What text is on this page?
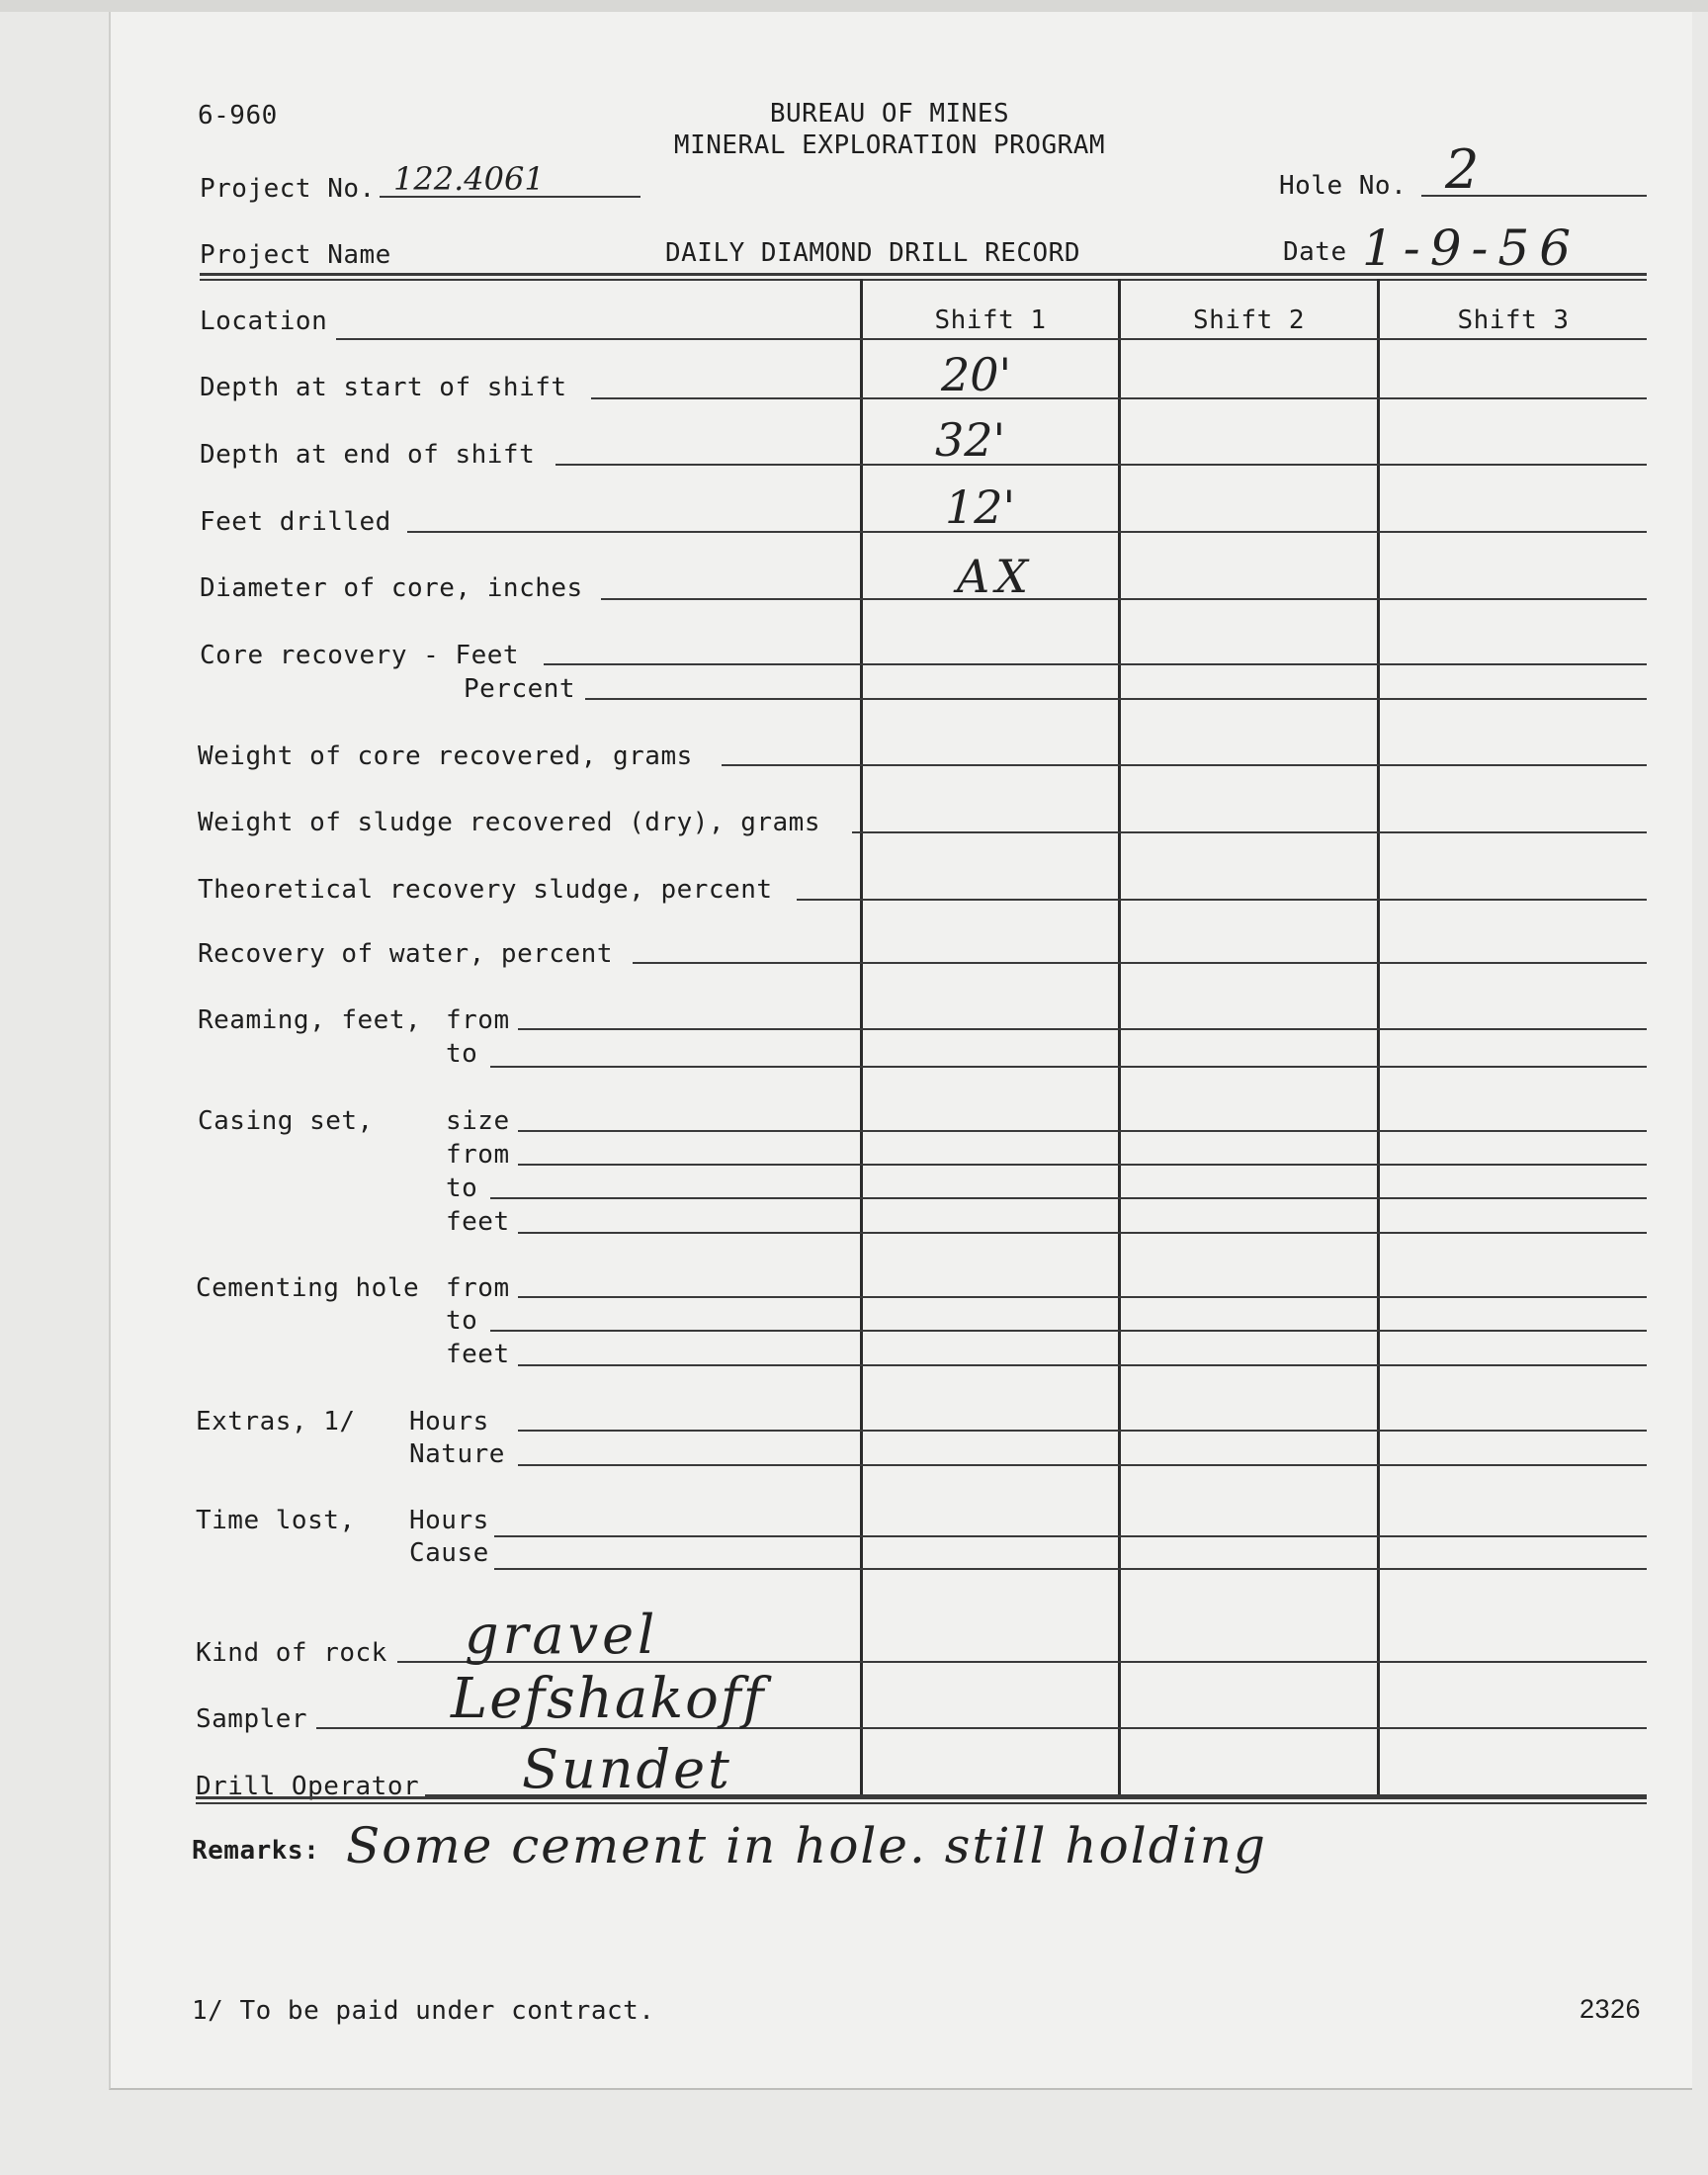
6-960	BUREAU OF MINES
MINERAL EXPLORATION PROGRAM
Project No. 122.4061	Hole No. 2
Project Name	DAILY DIAMOND DRILL RECORD	Date 1-9-56
Shift 1	Shift 2	Shift 3
Location
Depth at start of shift	20'
Depth at end of shift	32'
Feet drilled	12'
Diameter of core, inches	AX
Core recovery - Feet
Percent
Weight of core recovered, grams
Weight of sludge recovered (dry), grams
Theoretical recovery sludge, percent
Recovery of water, percent
Reaming, feet, from
to
Casing set,	size
from
to
feet
Cementing hole from
to
feet
Extras, 1/ Hours
Nature
Time lost, Hours
Cause
Kind of rock gravel
Sampler	Lefshakoff
Drill Operator Sundet
Remarks: Some cement in hole. still holding
1/ To be paid under contract.	2326
